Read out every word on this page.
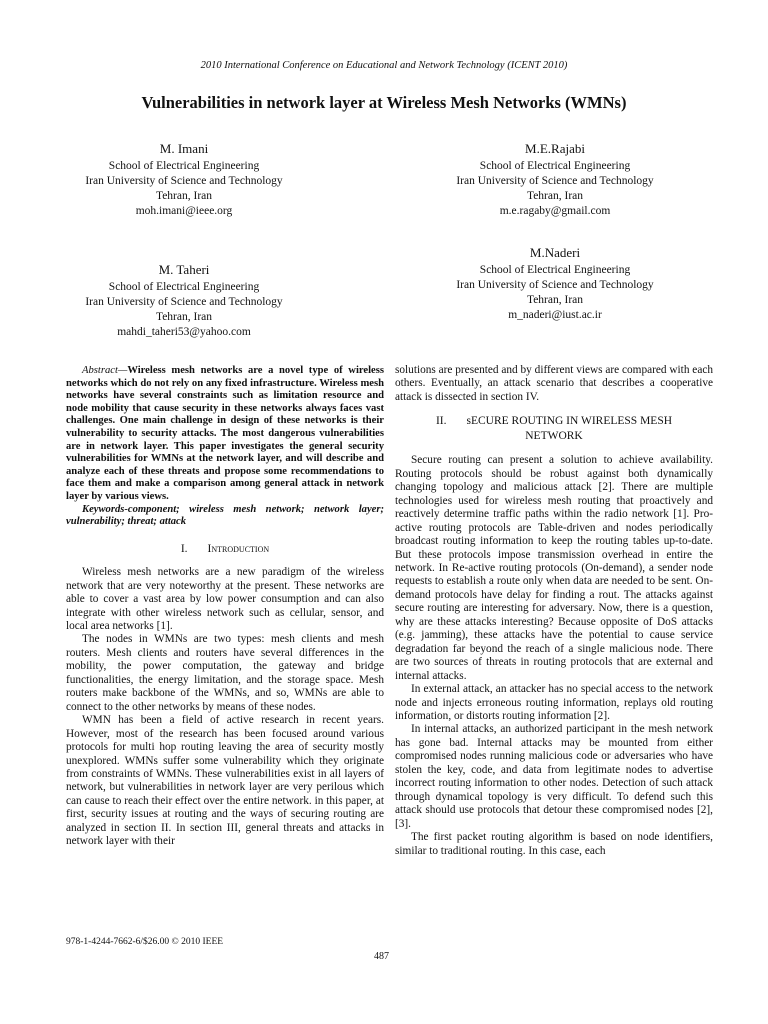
2010 International Conference on Educational and Network Technology (ICENT 2010)
Vulnerabilities in network layer at Wireless Mesh Networks (WMNs)
M. Imani
School of Electrical Engineering
Iran University of Science and Technology
Tehran, Iran
moh.imani@ieee.org
M.E.Rajabi
School of Electrical Engineering
Iran University of Science and Technology
Tehran, Iran
m.e.ragaby@gmail.com
M. Taheri
School of Electrical Engineering
Iran University of Science and Technology
Tehran, Iran
mahdi_taheri53@yahoo.com
M.Naderi
School of Electrical Engineering
Iran University of Science and Technology
Tehran, Iran
m_naderi@iust.ac.ir

Abstract—Wireless mesh networks are a novel type of wireless networks which do not rely on any fixed infrastructure. Wireless mesh networks have several constraints such as limitation resource and node mobility that cause security in these networks always faces vast challenges. One main challenge in design of these networks is their vulnerability to security attacks. The most dangerous vulnerabilities are in network layer. This paper investigates the general security vulnerabilities for WMNs at the network layer, and will describe and analyze each of these threats and propose some recommendations to face them and make a comparison among general attack in network layer by various views.

Keywords-component; wireless mesh network; network layer; vulnerability; threat; attack

I. Introduction

Wireless mesh networks are a new paradigm of the wireless network that are very noteworthy at the present. These networks are able to cover a vast area by low power consumption and can also integrate with other wireless network such as cellular, sensor, and local area networks [1].

The nodes in WMNs are two types: mesh clients and mesh routers. Mesh clients and routers have several differences in the mobility, the power computation, the gateway and bridge functionalities, the energy limitation, and the storage space. Mesh routers make backbone of the WMNs, and so, WMNs are able to connect to the other networks by means of these nodes.

WMN has been a field of active research in recent years. However, most of the research has been focused around various protocols for multi hop routing leaving the area of security mostly unexplored. WMNs suffer some vulnerability which they originate from constraints of WMNs. These vulnerabilities exist in all layers of network, but vulnerabilities in network layer are very perilous which can cause to reach their effect over the entire network. in this paper, at first, security issues at routing and the ways of securing routing are analyzed in section II. In section III, general threats and attacks in network layer with their

solutions are presented and by different views are compared with each others. Eventually, an attack scenario that describes a cooperative attack is dissected in section IV.

II. sECURE ROUTING IN WIRELESS MESH
NETWORK

Secure routing can present a solution to achieve availability. Routing protocols should be robust against both dynamically changing topology and malicious attack [2]. There are multiple technologies used for wireless mesh routing that proactively and reactively determine traffic paths within the radio network [1]. Pro-active routing protocols are Table-driven and nodes periodically broadcast routing information to keep the routing tables up-to-date. But these protocols impose transmission overhead in entire the network. In Re-active routing protocols (On-demand), a sender node requests to establish a route only when data are needed to be sent. On-demand protocols have delay for finding a rout. The attacks against secure routing are interesting for adversary. Now, there is a question, why are these attacks interesting? Because opposite of DoS attacks (e.g. jamming), these attacks have the potential to cause service degradation far beyond the reach of a single malicious node. There are two sources of threats in routing protocols that are external and internal attacks.

In external attack, an attacker has no special access to the network node and injects erroneous routing information, replays old routing information, or distorts routing information [2].

In internal attacks, an authorized participant in the mesh network has gone bad. Internal attacks may be mounted from either compromised nodes running malicious code or adversaries who have stolen the key, code, and data from legitimate nodes to advertise incorrect routing information to other nodes. Detection of such attack through dynamical topology is very difficult. To defend such this attack should use protocols that detour these compromised nodes [2], [3].

The first packet routing algorithm is based on node identifiers, similar to traditional routing. In this case, each

978-1-4244-7662-6/$26.00 © 2010 IEEE
487
